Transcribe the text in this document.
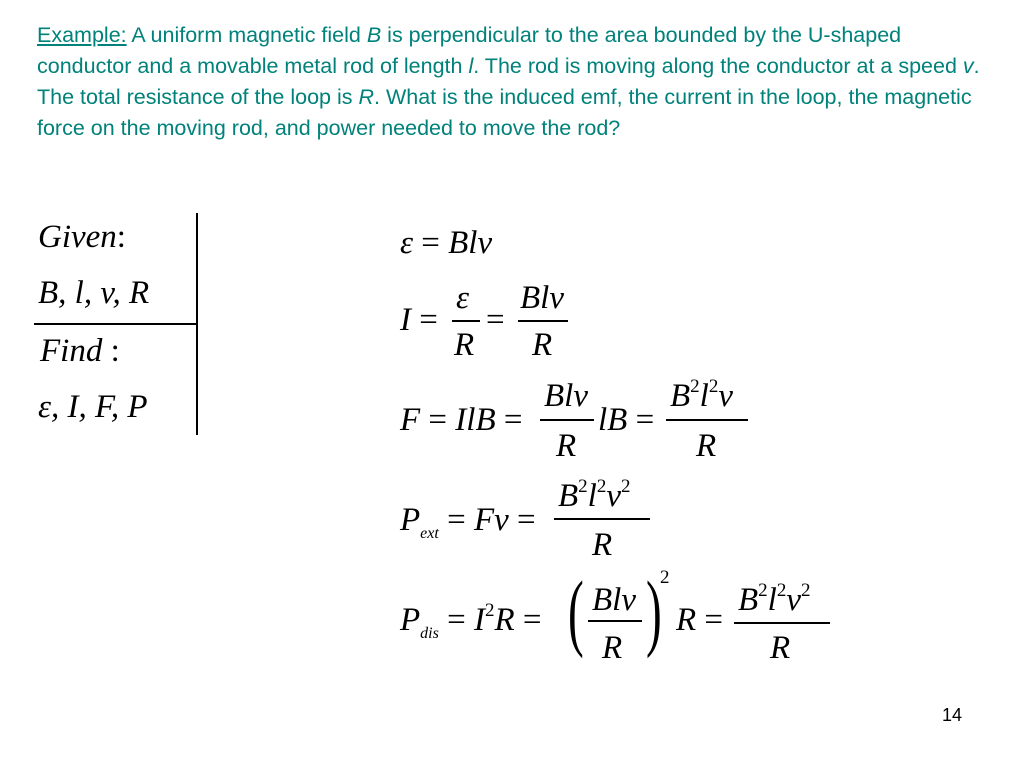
Example: A uniform magnetic field B is perpendicular to the area bounded by the U-shaped conductor and a movable metal rod of length l. The rod is moving along the conductor at a speed v. The total resistance of the loop is R. What is the induced emf, the current in the loop, the magnetic force on the moving rod, and power needed to move the rod?
Given:
B, l, v, R
Find :
ε, I, F, P
ε = Blv
I =
ε
R
=
Blv
R
F = IlB =
Blv
R
lB =
$B^2l^2v$
R
$P_{ext} = Fv$ =
$B^2l^2v^2$
R
$P_{dis} = I^2R$ = ( Blv
R )
2
R =
$B^2l^2v^2$
R
14
